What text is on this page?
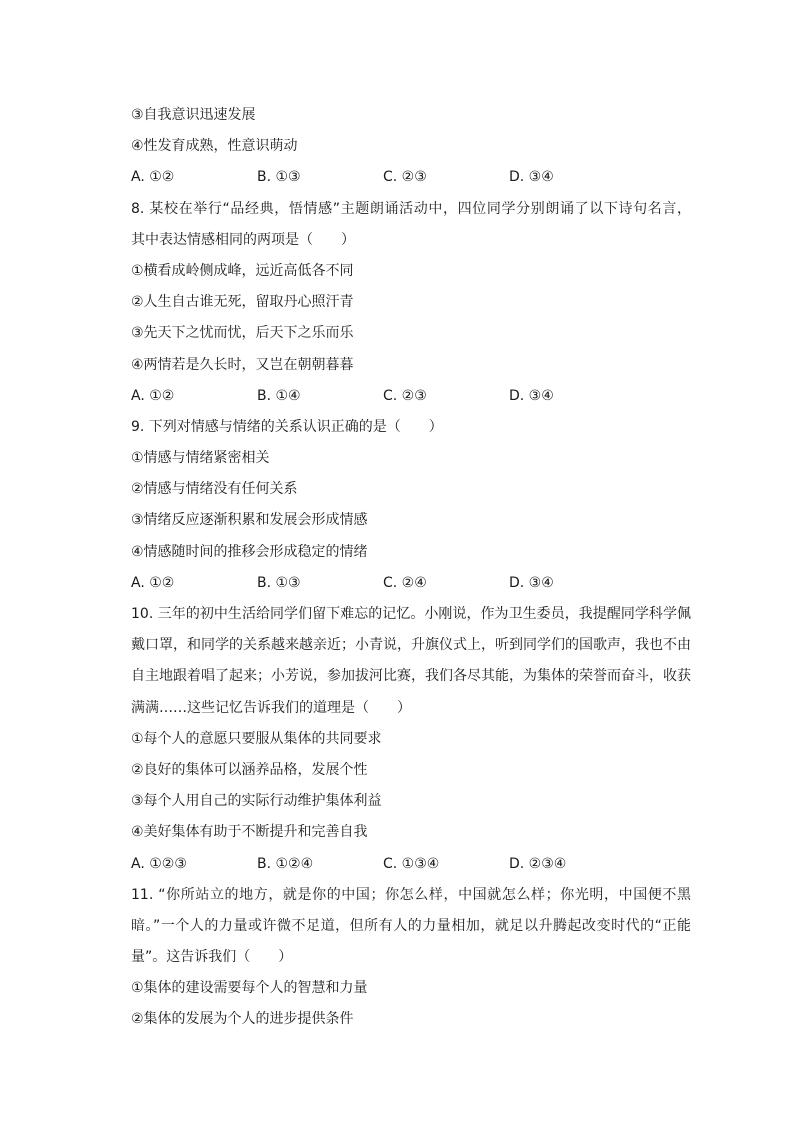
③自我意识迅速发展
④性发育成熟，性意识萌动
A. ①②	B. ①③	C. ②③	D. ③④
8. 某校在举行“品经典，悟情感”主题朗诵活动中，四位同学分别朗诵了以下诗句名言，
其中表达情感相同的两项是（　　）
①横看成岭侧成峰，远近高低各不同
②人生自古谁无死，留取丹心照汗青
③先天下之忧而忧，后天下之乐而乐
④两情若是久长时，又岂在朝朝暮暮
A. ①②	B. ①④	C. ②③	D. ③④
9. 下列对情感与情绪的关系认识正确的是（　　）
①情感与情绪紧密相关
②情感与情绪没有任何关系
③情绪反应逐渐积累和发展会形成情感
④情感随时间的推移会形成稳定的情绪
A. ①②	B. ①③	C. ②④	D. ③④
10. 三年的初中生活给同学们留下难忘的记忆。小刚说，作为卫生委员，我提醒同学科学佩
戴口罩，和同学的关系越来越亲近；小青说，升旗仪式上，听到同学们的国歌声，我也不由
自主地跟着唱了起来；小芳说，参加拔河比赛，我们各尽其能，为集体的荣誉而奋斗，收获
满满……这些记忆告诉我们的道理是（　　）
①每个人的意愿只要服从集体的共同要求
②良好的集体可以涵养品格，发展个性
③每个人用自己的实际行动维护集体利益
④美好集体有助于不断提升和完善自我
A. ①②③	B. ①②④	C. ①③④	D. ②③④
11. “你所站立的地方，就是你的中国；你怎么样，中国就怎么样；你光明，中国便不黑
暗。”一个人的力量或许微不足道，但所有人的力量相加，就足以升腾起改变时代的“正能
量”。这告诉我们（　　）
①集体的建设需要每个人的智慧和力量
②集体的发展为个人的进步提供条件
